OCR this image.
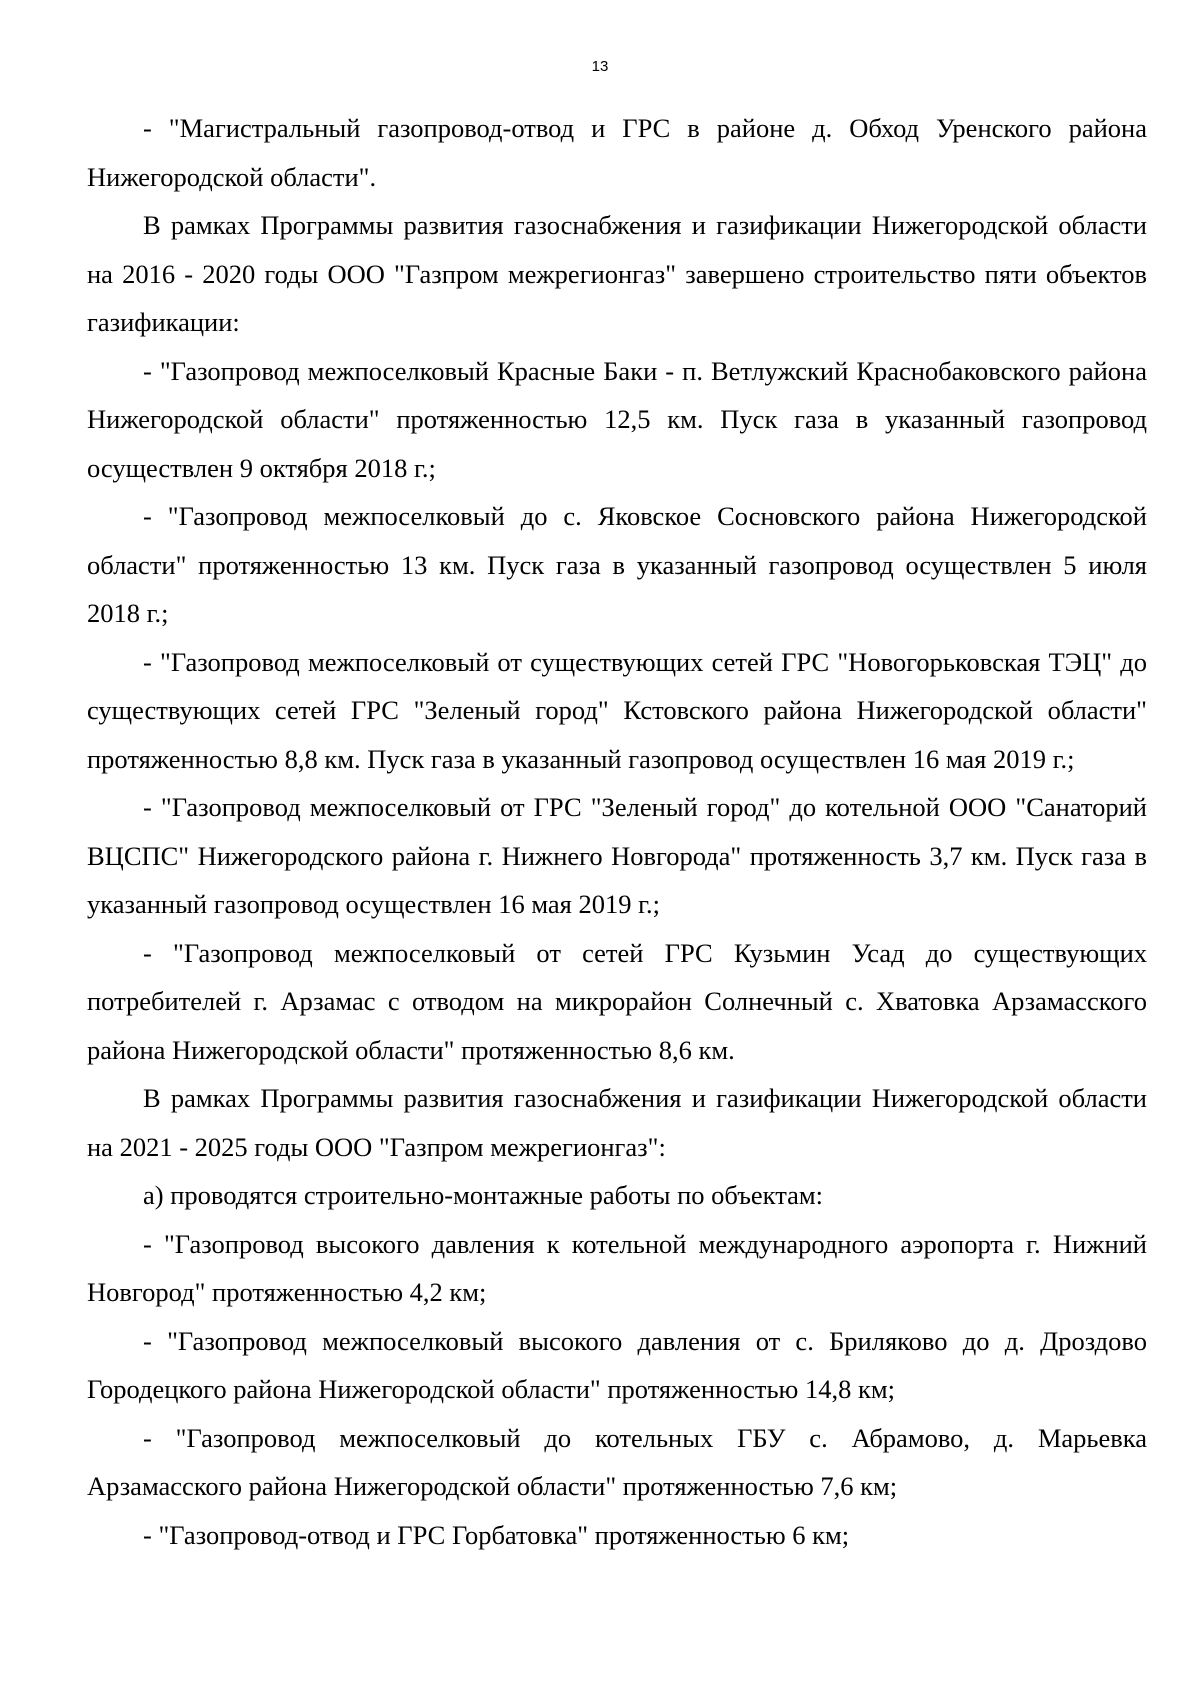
13

- "Магистральный газопровод-отвод и ГРС в районе д. Обход Уренского района Нижегородской области".

В рамках Программы развития газоснабжения и газификации Нижегородской области на 2016 - 2020 годы ООО "Газпром межрегионгаз" завершено строительство пяти объектов газификации:

- "Газопровод межпоселковый Красные Баки - п. Ветлужский Краснобаковского района Нижегородской области" протяженностью 12,5 км. Пуск газа в указанный газопровод осуществлен 9 октября 2018 г.;

- "Газопровод межпоселковый до с. Яковское Сосновского района Нижегородской области" протяженностью 13 км. Пуск газа в указанный газопровод осуществлен 5 июля 2018 г.;

- "Газопровод межпоселковый от существующих сетей ГРС "Новогорьковская ТЭЦ" до существующих сетей ГРС "Зеленый город" Кстовского района Нижегородской области" протяженностью 8,8 км. Пуск газа в указанный газопровод осуществлен 16 мая 2019 г.;

- "Газопровод межпоселковый от ГРС "Зеленый город" до котельной ООО "Санаторий ВЦСПС" Нижегородского района г. Нижнего Новгорода" протяженность 3,7 км. Пуск газа в указанный газопровод осуществлен 16 мая 2019 г.;

- "Газопровод межпоселковый от сетей ГРС Кузьмин Усад до существующих потребителей г. Арзамас с отводом на микрорайон Солнечный с. Хватовка Арзамасского района Нижегородской области" протяженностью 8,6 км.

В рамках Программы развития газоснабжения и газификации Нижегородской области на 2021 - 2025 годы ООО "Газпром межрегионгаз":

а) проводятся строительно-монтажные работы по объектам:

- "Газопровод высокого давления к котельной международного аэропорта г. Нижний Новгород" протяженностью 4,2 км;

- "Газопровод межпоселковый высокого давления от с. Бриляково до д. Дроздово Городецкого района Нижегородской области" протяженностью 14,8 км;

- "Газопровод межпоселковый до котельных ГБУ с. Абрамово, д. Марьевка Арзамасского района Нижегородской области" протяженностью 7,6 км;

- "Газопровод-отвод и ГРС Горбатовка" протяженностью 6 км;
